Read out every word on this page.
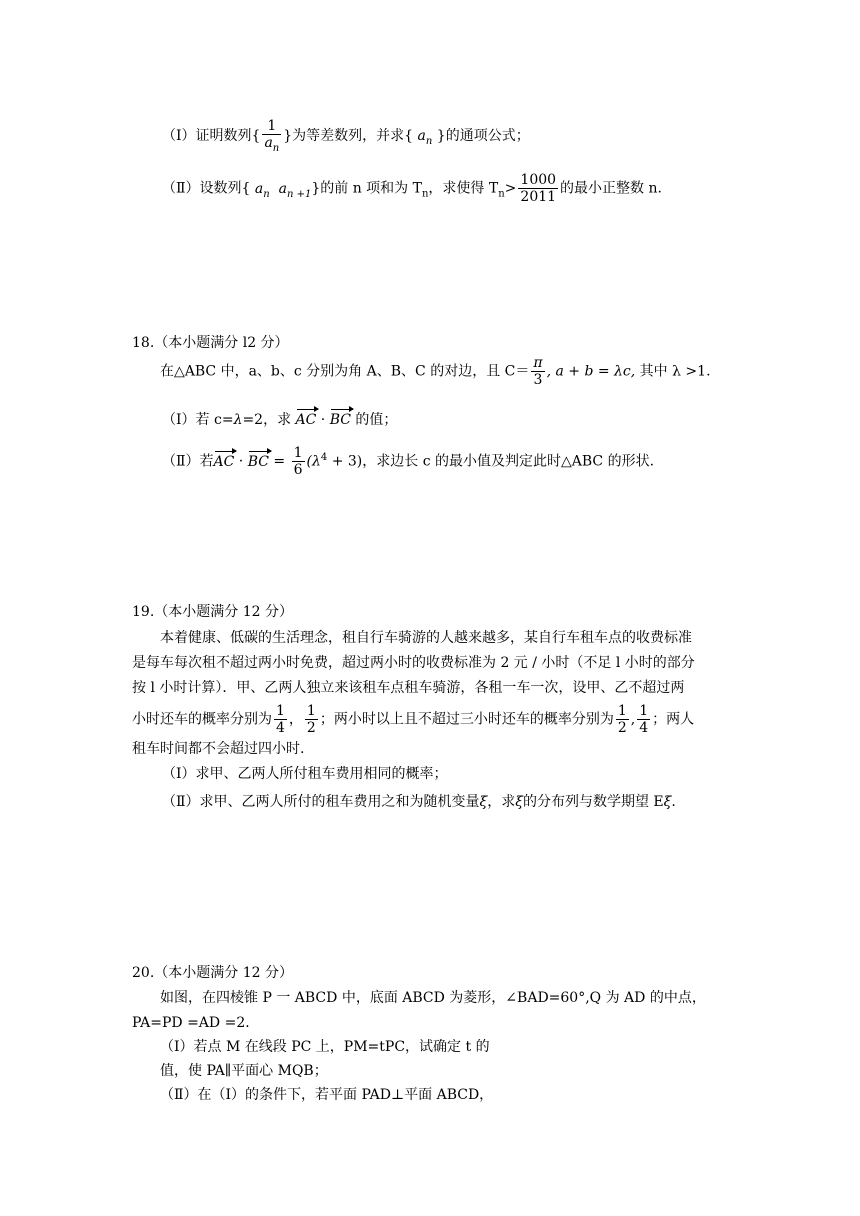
（Ⅰ）证明数列{ $\frac{1}{a_n}$ }为等差数列，并求{ $a_n$ }的通项公式；
（Ⅱ）设数列{ $a_n$ $a_{n +1}$}的前 n 项和为 $T_n$，求使得 $T_n> \frac{1000}{2011}$ 的最小正整数 n.
18.（本小题满分 l2 分）
在△ABC 中，a、b、c 分别为角 A、B、C 的对边，且 $C= \frac{\pi}{3}$ , a + b = λc, 其中 λ >1.
（Ⅰ）若 c=λ=2，求 AC · BC 的值；
（Ⅱ）若AC · BC = $\frac{1}{6} (\lambda^4 + 3)$，求边长 c 的最小值及判定此时△ABC 的形状.
19.（本小题满分 12 分）
本着健康、低碳的生活理念，租自行车骑游的人越来越多，某自行车租车点的收费标准
是每车每次租不超过两小时免费，超过两小时的收费标准为 2 元 / 小时（不足 l 小时的部分
按 l 小时计算）．甲、乙两人独立来该租车点租车骑游，各租一车一次，设甲、乙不超过两
小时还车的概率分别为 $\frac{1}{4}$ ， $\frac{1}{2}$ ；两小时以上且不超过三小时还车的概率分别为 $\frac{1}{2}$ , $\frac{1}{4}$ ；两人
租车时间都不会超过四小时.
（Ⅰ）求甲、乙两人所付租车费用相同的概率；
（Ⅱ）求甲、乙两人所付的租车费用之和为随机变量ξ，求ξ的分布列与数学期望 Eξ.
20.（本小题满分 12 分）
如图，在四棱锥 P 一 ABCD 中，底面 ABCD 为菱形，∠BAD=60°,Q 为 AD 的中点，
PA=PD =AD =2．
（Ⅰ）若点 M 在线段 PC 上，PM=tPC，试确定 t 的
值，使 PA∥平面心 MQB；
（Ⅱ）在（Ⅰ）的条件下，若平面 PAD⊥平面 ABCD，
